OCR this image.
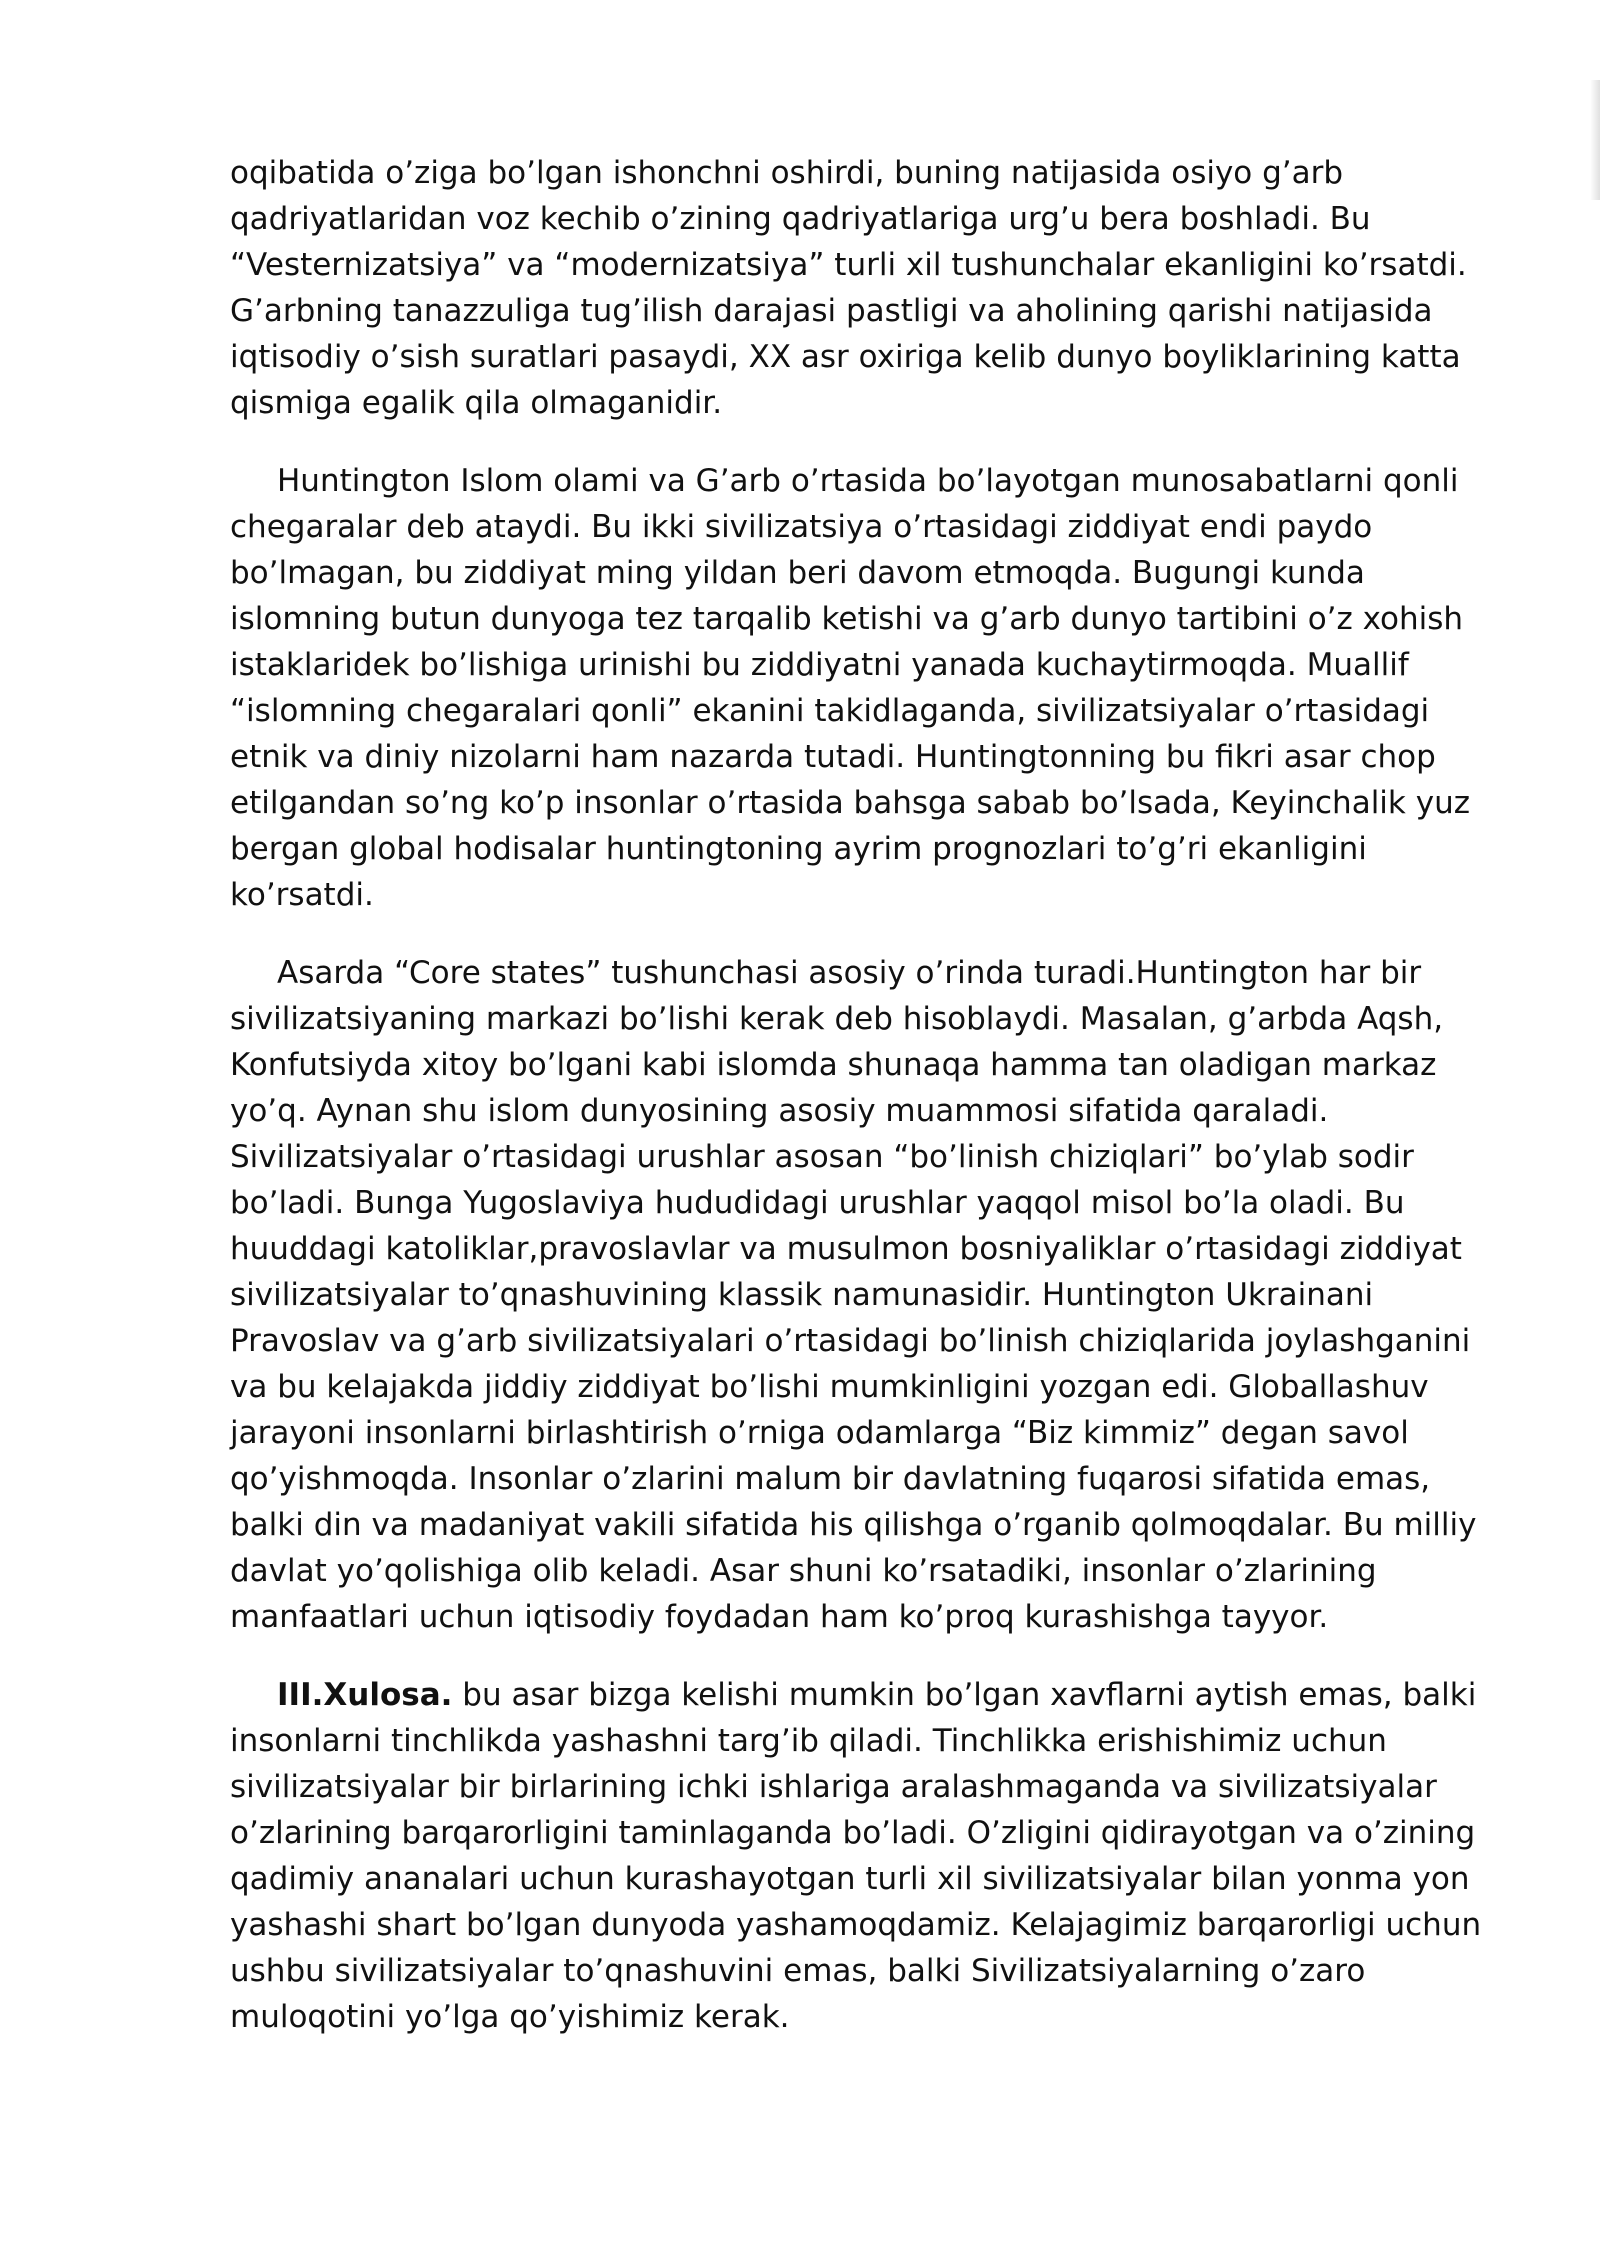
oqibatida o’ziga bo’lgan ishonchni oshirdi, buning natijasida osiyo g’arb qadriyatlaridan voz kechib o’zining qadriyatlariga urg’u bera boshladi. Bu “Vesternizatsiya” va “modernizatsiya” turli xil tushunchalar ekanligini ko’rsatdi. G’arbning tanazzuliga tug’ilish darajasi pastligi va aholining qarishi natijasida iqtisodiy o’sish suratlari pasaydi, XX asr oxiriga kelib dunyo boyliklarining katta qismiga egalik qila olmaganidir.

Huntington Islom olami va G’arb o’rtasida bo’layotgan munosabatlarni qonli chegaralar deb ataydi. Bu ikki sivilizatsiya o’rtasidagi ziddiyat endi paydo bo’lmagan, bu ziddiyat ming yildan beri davom etmoqda. Bugungi kunda islomning butun dunyoga tez tarqalib ketishi va g’arb dunyo tartibini o’z xohish istaklaridek bo’lishiga urinishi bu ziddiyatni yanada kuchaytirmoqda. Muallif “islomning chegaralari qonli” ekanini takidlaganda, sivilizatsiyalar o’rtasidagi etnik va diniy nizolarni ham nazarda tutadi. Huntingtonning bu fikri asar chop etilgandan so’ng ko’p insonlar o’rtasida bahsga sabab bo’lsada, Keyinchalik yuz bergan global hodisalar huntingtoning ayrim prognozlari to’g’ri ekanligini ko’rsatdi.

Asarda “Core states” tushunchasi asosiy o’rinda turadi.Huntington har bir sivilizatsiyaning markazi bo’lishi kerak deb hisoblaydi. Masalan, g’arbda Aqsh, Konfutsiyda xitoy bo’lgani kabi islomda shunaqa hamma tan oladigan markaz yo’q. Aynan shu islom dunyosining asosiy muammosi sifatida qaraladi. Sivilizatsiyalar o’rtasidagi urushlar asosan “bo’linish chiziqlari” bo’ylab sodir bo’ladi. Bunga Yugoslaviya hududidagi urushlar yaqqol misol bo’la oladi. Bu huuddagi katoliklar,pravoslavlar va musulmon bosniyaliklar o’rtasidagi ziddiyat sivilizatsiyalar to’qnashuvining klassik namunasidir. Huntington Ukrainani Pravoslav va g’arb sivilizatsiyalari o’rtasidagi bo’linish chiziqlarida joylashganini va bu kelajakda jiddiy ziddiyat bo’lishi mumkinligini yozgan edi. Globallashuv jarayoni insonlarni birlashtirish o’rniga odamlarga “Biz kimmiz” degan savol qo’yishmoqda. Insonlar o’zlarini malum bir davlatning fuqarosi sifatida emas, balki din va madaniyat vakili sifatida his qilishga o’rganib qolmoqdalar. Bu milliy davlat yo’qolishiga olib keladi. Asar shuni ko’rsatadiki, insonlar o’zlarining manfaatlari uchun iqtisodiy foydadan ham ko’proq kurashishga tayyor.

III.Xulosa. bu asar bizga kelishi mumkin bo’lgan xavflarni aytish emas, balki insonlarni tinchlikda yashashni targ’ib qiladi. Tinchlikka erishishimiz uchun sivilizatsiyalar bir birlarining ichki ishlariga aralashmaganda va sivilizatsiyalar o’zlarining barqarorligini taminlaganda bo’ladi. O’zligini qidirayotgan va o’zining qadimiy ananalari uchun kurashayotgan turli xil sivilizatsiyalar bilan yonma yon yashashi shart bo’lgan dunyoda yashamoqdamiz. Kelajagimiz barqarorligi uchun ushbu sivilizatsiyalar to’qnashuvini emas, balki Sivilizatsiyalarning o’zaro muloqotini yo’lga qo’yishimiz kerak.
